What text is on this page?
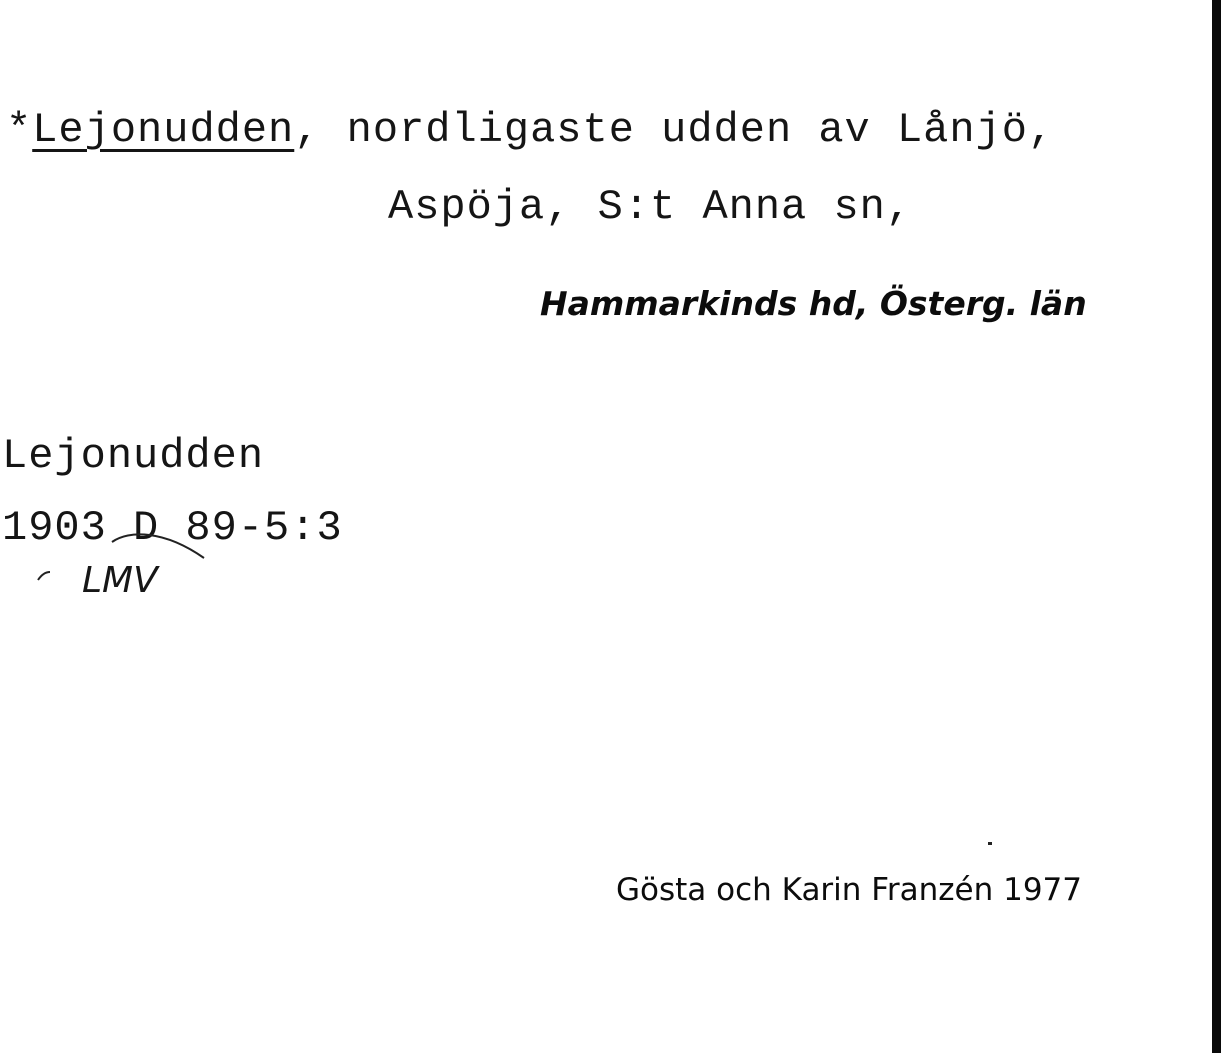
*Lejonudden, nordligaste udden av Lånjö,
Aspöja, S:t Anna sn,
Hammarkinds hd, Österg. län
Lejonudden
1903 D 89-5:3
LMV
Gösta och Karin Franzén 1977
